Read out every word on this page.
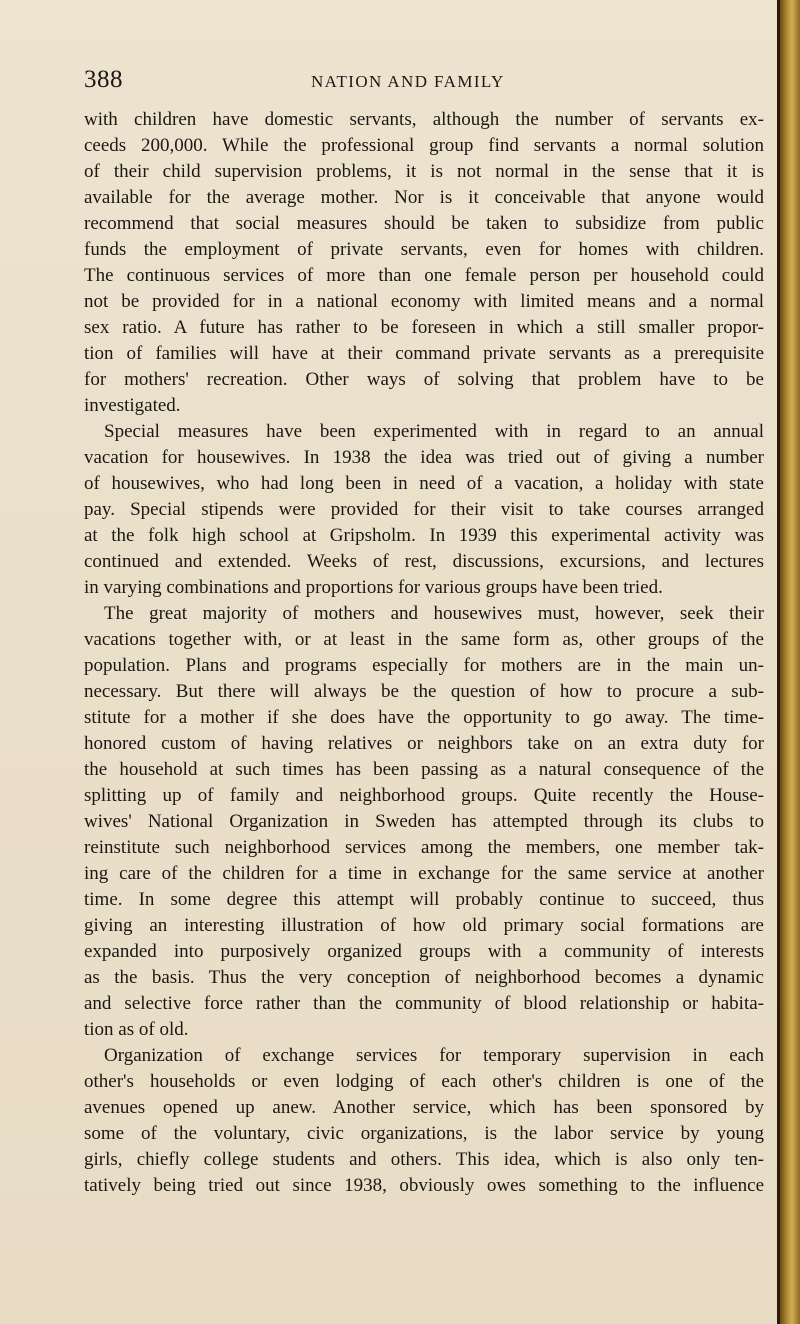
388	NATION AND FAMILY
with children have domestic servants, although the number of servants ex-
ceeds 200,000. While the professional group find servants a normal solution
of their child supervision problems, it is not normal in the sense that it is
available for the average mother. Nor is it conceivable that anyone would
recommend that social measures should be taken to subsidize from public
funds the employment of private servants, even for homes with children.
The continuous services of more than one female person per household could
not be provided for in a national economy with limited means and a normal
sex ratio. A future has rather to be foreseen in which a still smaller propor-
tion of families will have at their command private servants as a prerequisite
for mothers' recreation. Other ways of solving that problem have to be
investigated.
Special measures have been experimented with in regard to an annual
vacation for housewives. In 1938 the idea was tried out of giving a number
of housewives, who had long been in need of a vacation, a holiday with state
pay. Special stipends were provided for their visit to take courses arranged
at the folk high school at Gripsholm. In 1939 this experimental activity was
continued and extended. Weeks of rest, discussions, excursions, and lectures
in varying combinations and proportions for various groups have been tried.
The great majority of mothers and housewives must, however, seek their
vacations together with, or at least in the same form as, other groups of the
population. Plans and programs especially for mothers are in the main un-
necessary. But there will always be the question of how to procure a sub-
stitute for a mother if she does have the opportunity to go away. The time-
honored custom of having relatives or neighbors take on an extra duty for
the household at such times has been passing as a natural consequence of the
splitting up of family and neighborhood groups. Quite recently the House-
wives' National Organization in Sweden has attempted through its clubs to
reinstitute such neighborhood services among the members, one member tak-
ing care of the children for a time in exchange for the same service at another
time. In some degree this attempt will probably continue to succeed, thus
giving an interesting illustration of how old primary social formations are
expanded into purposively organized groups with a community of interests
as the basis. Thus the very conception of neighborhood becomes a dynamic
and selective force rather than the community of blood relationship or habita-
tion as of old.
Organization of exchange services for temporary supervision in each
other's households or even lodging of each other's children is one of the
avenues opened up anew. Another service, which has been sponsored by
some of the voluntary, civic organizations, is the labor service by young
girls, chiefly college students and others. This idea, which is also only ten-
tatively being tried out since 1938, obviously owes something to the influence
